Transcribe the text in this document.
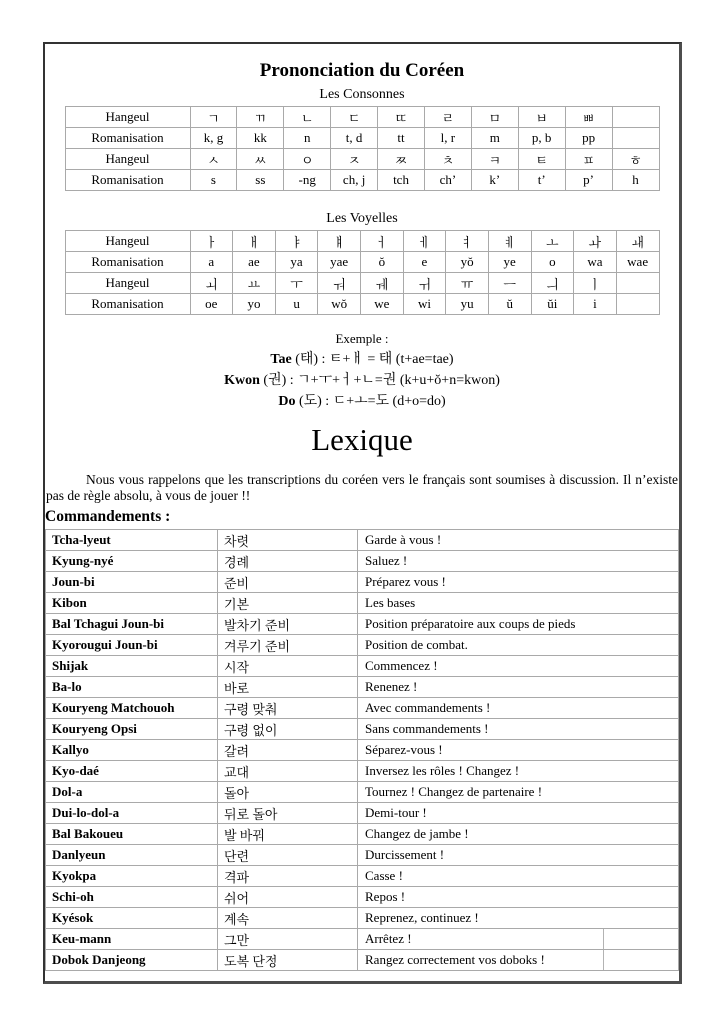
Prononciation du Coréen
Les Consonnes
Hangeul	ㄱ	ㄲ	ㄴ	ㄷ	ㄸ	ㄹ	ㅁ	ㅂ	ㅃ	
Romanisation	k, g	kk	n	t, d	tt	l, r	m	p, b	pp	
Hangeul	ㅅ	ㅆ	ㅇ	ㅈ	ㅉ	ㅊ	ㅋ	ㅌ	ㅍ	ㅎ
Romanisation	s	ss	-ng	ch, j	tch	ch’	k’	t’	p’	h
Les Voyelles
Hangeul	ㅏ	ㅐ	ㅑ	ㅒ	ㅓ	ㅔ	ㅕ	ㅖ	ㅗ	ㅘ	ㅙ
Romanisation	a	ae	ya	yae	ŏ	e	yŏ	ye	o	wa	wae
Hangeul	ㅚ	ㅛ	ㅜ	ㅝ	ㅞ	ㅟ	ㅠ	ㅡ	ㅢ	ㅣ	
Romanisation	oe	yo	u	wŏ	we	wi	yu	ŭ	ŭi	i	
Exemple :
Tae (태) : ㅌ+ㅐ = 태 (t+ae=tae)
Kwon (권) : ㄱ+ㅜ+ㅓ+ㄴ=권 (k+u+ŏ+n=kwon)
Do (도) : ㄷ+ㅗ=도 (d+o=do)
Lexique

Nous vous rappelons que les transcriptions du coréen vers le français sont soumises à discussion. Il n’existe pas de règle absolu, à vous de jouer !!

Commandements :
Tcha-lyeut	차렷	Garde à vous !
Kyung-nyé	경례	Saluez !
Joun-bi	준비	Préparez vous !
Kibon	기본	Les bases
Bal Tchagui Joun-bi	발차기 준비	Position préparatoire aux coups de pieds
Kyorougui Joun-bi	겨루기 준비	Position de combat.
Shijak	시작	Commencez !
Ba-lo	바로	Renenez !
Kouryeng Matchouoh	구령 맞춰	Avec commandements !
Kouryeng Opsi	구령 없이	Sans commandements !
Kallyo	갈려	Séparez-vous !
Kyo-daé	교대	Inversez les rôles ! Changez !
Dol-a	돌아	Tournez ! Changez de partenaire !
Dui-lo-dol-a	뒤로 돌아	Demi-tour !
Bal Bakoueu	발 바꿔	Changez de jambe !
Danlyeun	단련	Durcissement !
Kyokpa	격파	Casse !
Schi-oh	쉬어	Repos !
Kyésok	계속	Reprenez, continuez !
Keu-mann	그만	Arrêtez !
Dobok Danjeong	도복 단정	Rangez correctement vos doboks !
